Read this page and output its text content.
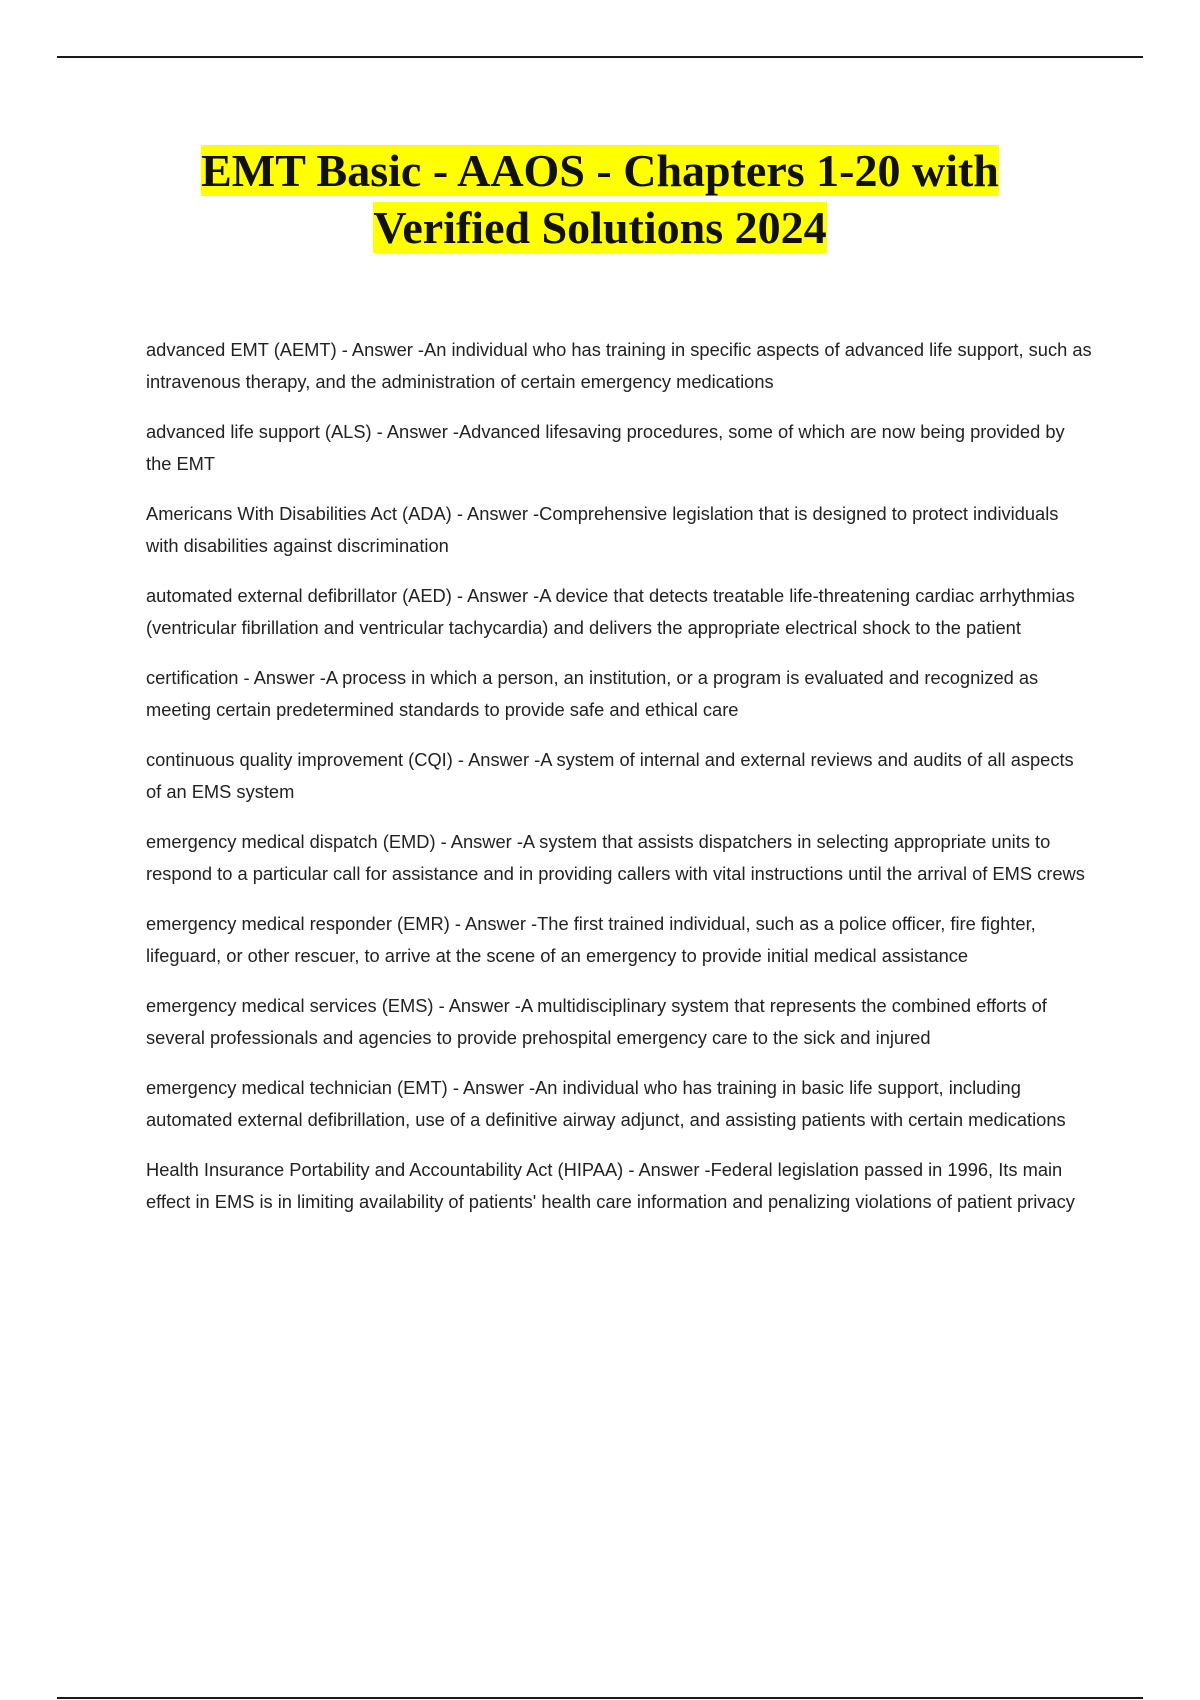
EMT Basic - AAOS - Chapters 1-20 with Verified Solutions 2024
advanced EMT (AEMT) - Answer -An individual who has training in specific aspects of advanced life support, such as intravenous therapy, and the administration of certain emergency medications
advanced life support (ALS) - Answer -Advanced lifesaving procedures, some of which are now being provided by the EMT
Americans With Disabilities Act (ADA) - Answer -Comprehensive legislation that is designed to protect individuals with disabilities against discrimination
automated external defibrillator (AED) - Answer -A device that detects treatable life-threatening cardiac arrhythmias (ventricular fibrillation and ventricular tachycardia) and delivers the appropriate electrical shock to the patient
certification - Answer -A process in which a person, an institution, or a program is evaluated and recognized as meeting certain predetermined standards to provide safe and ethical care
continuous quality improvement (CQI) - Answer -A system of internal and external reviews and audits of all aspects of an EMS system
emergency medical dispatch (EMD) - Answer -A system that assists dispatchers in selecting appropriate units to respond to a particular call for assistance and in providing callers with vital instructions until the arrival of EMS crews
emergency medical responder (EMR) - Answer -The first trained individual, such as a police officer, fire fighter, lifeguard, or other rescuer, to arrive at the scene of an emergency to provide initial medical assistance
emergency medical services (EMS) - Answer -A multidisciplinary system that represents the combined efforts of several professionals and agencies to provide prehospital emergency care to the sick and injured
emergency medical technician (EMT) - Answer -An individual who has training in basic life support, including automated external defibrillation, use of a definitive airway adjunct, and assisting patients with certain medications
Health Insurance Portability and Accountability Act (HIPAA) - Answer -Federal legislation passed in 1996, Its main effect in EMS is in limiting availability of patients' health care information and penalizing violations of patient privacy
